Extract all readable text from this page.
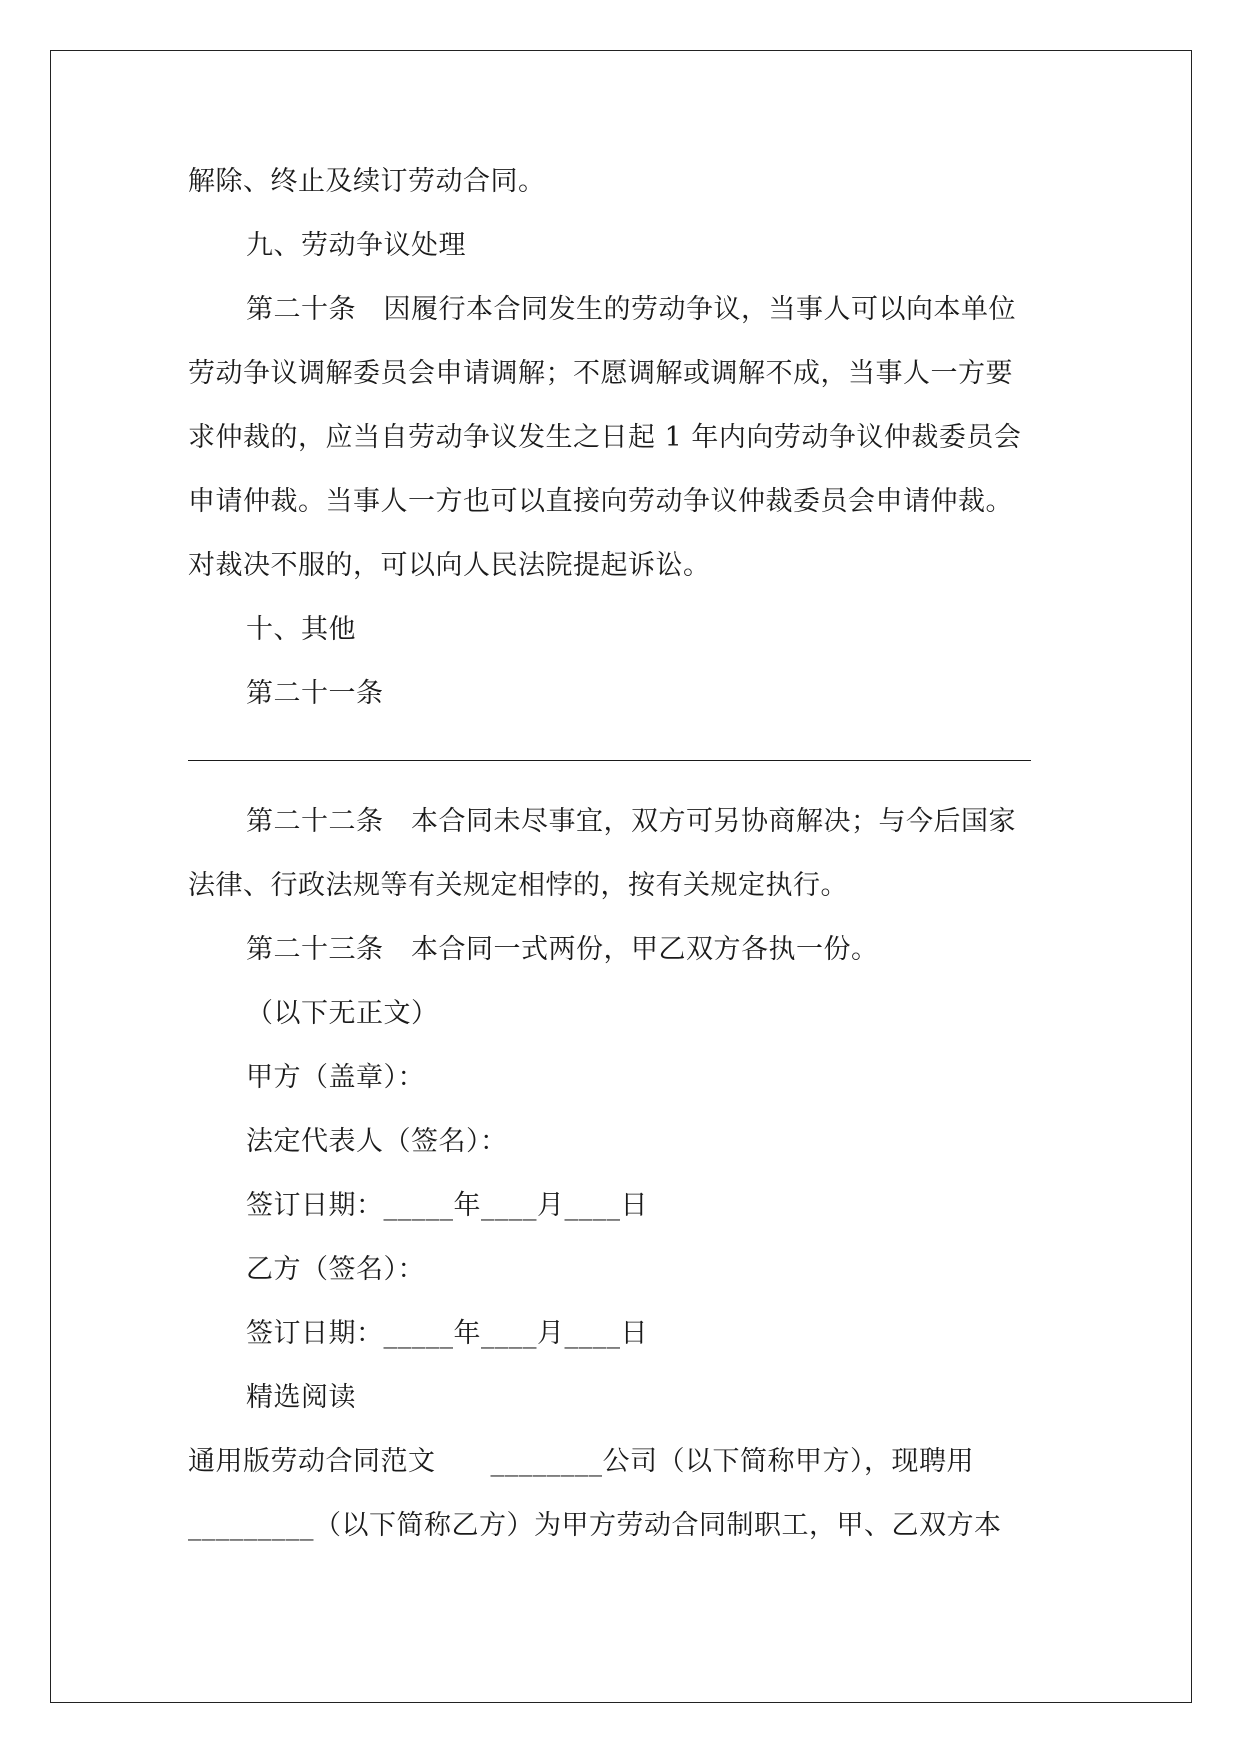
解除、终止及续订劳动合同。
九、劳动争议处理
第二十条　因履行本合同发生的劳动争议，当事人可以向本单位
劳动争议调解委员会申请调解；不愿调解或调解不成，当事人一方要
求仲裁的，应当自劳动争议发生之日起 1 年内向劳动争议仲裁委员会
申请仲裁。当事人一方也可以直接向劳动争议仲裁委员会申请仲裁。
对裁决不服的，可以向人民法院提起诉讼。
十、其他
第二十一条
第二十二条　本合同未尽事宜，双方可另协商解决；与今后国家
法律、行政法规等有关规定相悖的，按有关规定执行。
第二十三条　本合同一式两份，甲乙双方各执一份。
（以下无正文）
甲方（盖章）：
法定代表人（签名）：
签订日期：_____年____月____日
乙方（签名）：
签订日期：_____年____月____日
精选阅读
通用版劳动合同范文　　________公司（以下简称甲方），现聘用
_________（以下简称乙方）为甲方劳动合同制职工，甲、乙双方本
